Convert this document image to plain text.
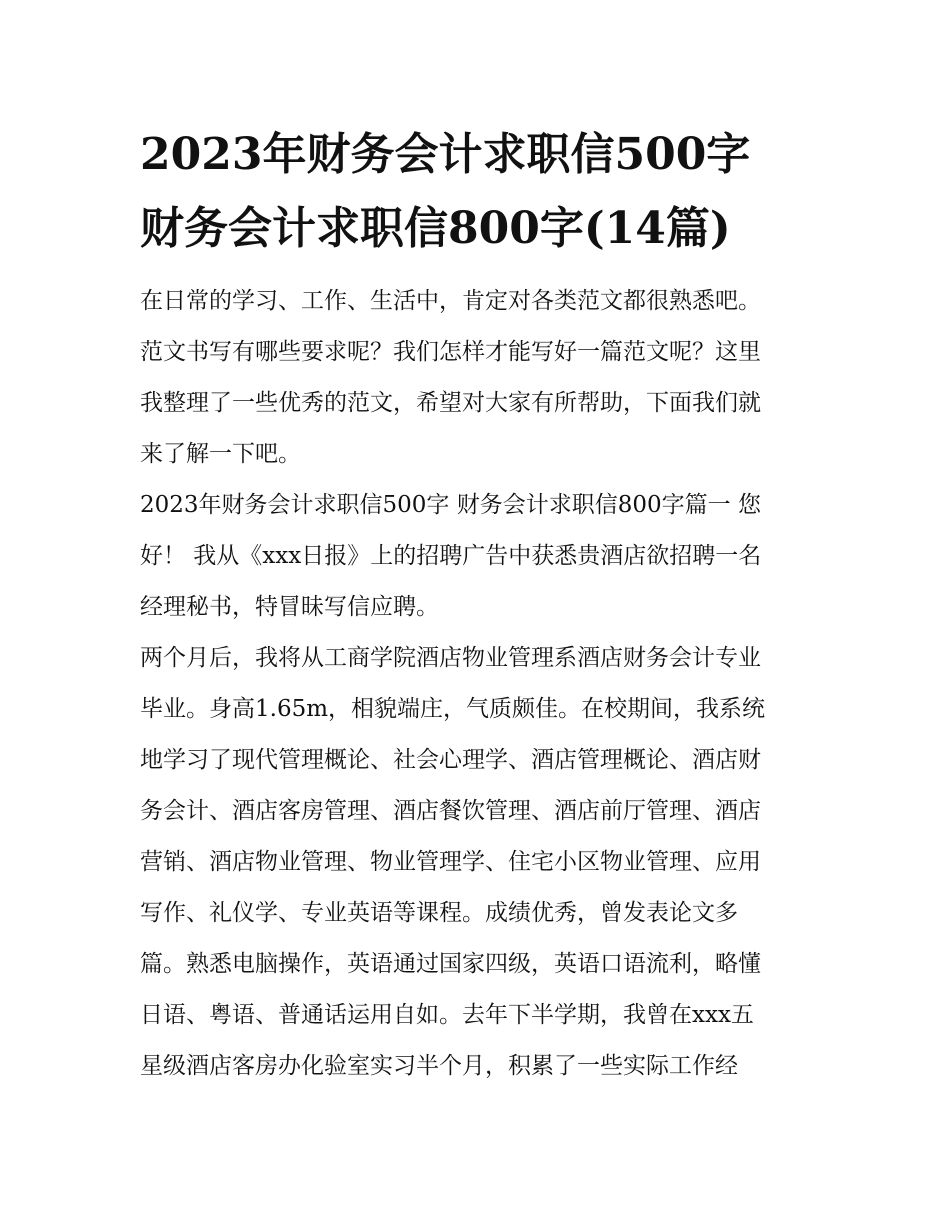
2023年财务会计求职信500字
财务会计求职信800字(14篇)

在日常的学习、工作、生活中，肯定对各类范文都很熟悉吧。
范文书写有哪些要求呢？我们怎样才能写好一篇范文呢？这里
我整理了一些优秀的范文，希望对大家有所帮助，下面我们就
来了解一下吧。

2023年财务会计求职信500字 财务会计求职信800字篇一 您
好！ 我从《xxx日报》上的招聘广告中获悉贵酒店欲招聘一名
经理秘书，特冒昧写信应聘。

两个月后，我将从工商学院酒店物业管理系酒店财务会计专业
毕业。身高1.65m，相貌端庄，气质颇佳。在校期间，我系统
地学习了现代管理概论、社会心理学、酒店管理概论、酒店财
务会计、酒店客房管理、酒店餐饮管理、酒店前厅管理、酒店
营销、酒店物业管理、物业管理学、住宅小区物业管理、应用
写作、礼仪学、专业英语等课程。成绩优秀，曾发表论文多
篇。熟悉电脑操作，英语通过国家四级，英语口语流利，略懂
日语、粤语、普通话运用自如。去年下半学期，我曾在xxx五
星级酒店客房办化验室实习半个月，积累了一些实际工作经
